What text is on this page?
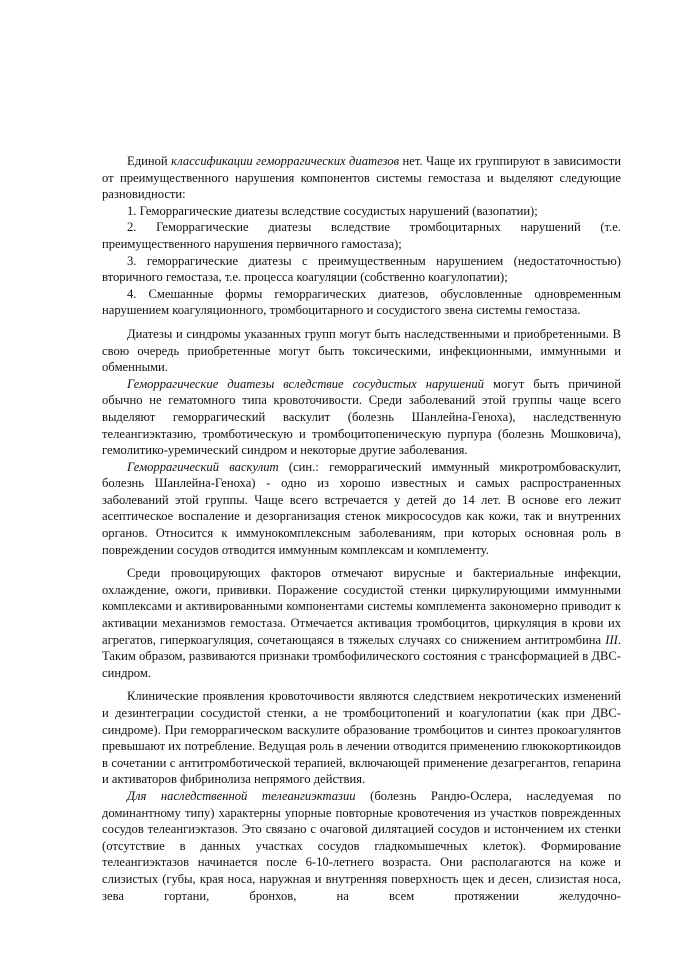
Единой классификации геморрагических диатезов нет. Чаще их группируют в зависимости от преимущественного нарушения компонентов системы гемостаза и выделяют следующие разновидности:

1. Геморрагические диатезы вследствие сосудистых нарушений (вазопатии);

2. Геморрагические диатезы вследствие тромбоцитарных нарушений (т.е. преимущественного нарушения первичного гамостаза);

3. геморрагические диатезы с преимущественным нарушением (недостаточностью) вторичного гемостаза, т.е. процесса коагуляции (собственно коагулопатии);

4. Смешанные формы геморрагических диатезов, обусловленные одновременным нарушением коагуляционного, тромбоцитарного и сосудистого звена системы гемостаза.

Диатезы и синдромы указанных групп могут быть наследственными и приобретенными. В свою очередь приобретенные могут быть токсическими, инфекционными, иммунными и обменными.

Геморрагические диатезы вследствие сосудистых нарушений могут быть причиной обычно не гематомного типа кровоточивости. Среди заболеваний этой группы чаще всего выделяют геморрагический васкулит (болезнь Шанлейна-Геноха), наследственную телеангиэктазию, тромботическую и тромбоцитопеническую пурпура (болезнь Мошковича), гемолитико-уремический синдром и некоторые другие заболевания.

Геморрагический васкулит (син.: геморрагический иммунный микротромбоваскулит, болезнь Шанлейна-Геноха) - одно из хорошо известных и самых распространенных заболеваний этой группы. Чаще всего встречается у детей до 14 лет. В основе его лежит асептическое воспаление и дезорганизация стенок микрососудов как кожи, так и внутренних органов. Относится к иммунокомплексным заболеваниям, при которых основная роль в повреждении сосудов отводится иммунным комплексам и комплементу.

Среди провоцирующих факторов отмечают вирусные и бактериальные инфекции, охлаждение, ожоги, прививки. Поражение сосудистой стенки циркулирующими иммунными комплексами и активированными компонентами системы комплемента закономерно приводит к активации механизмов гемостаза. Отмечается активация тромбоцитов, циркуляция в крови их агрегатов, гиперкоагуляция, сочетающаяся в тяжелых случаях со снижением антитромбина III. Таким образом, развиваются признаки тромбофилического состояния с трансформацией в ДВС-синдром.

Клинические проявления кровоточивости являются следствием некротических изменений и дезинтеграции сосудистой стенки, а не тромбоцитопений и коагулопатии (как при ДВС-синдроме). При геморрагическом васкулите образование тромбоцитов и синтез прокоагулянтов превышают их потребление. Ведущая роль в лечении отводится применению глюкокортикоидов в сочетании с антитромботической терапией, включающей применение дезагрегантов, гепарина и активаторов фибринолиза непрямого действия.

Для наследственной телеангиэктазии (болезнь Рандю-Ослера, наследуемая по доминантному типу) характерны упорные повторные кровотечения из участков поврежденных сосудов телеангиэктазов. Это связано с очаговой дилятацией сосудов и истончением их стенки (отсутствие в данных участках сосудов гладкомышечных клеток). Формирование телеангиэктазов начинается после 6-10-летнего возраста. Они располагаются на коже и слизистых (губы, края носа, наружная и внутренняя поверхность щек и десен, слизистая носа, зева гортани, бронхов, на всем протяжении желудочно-
